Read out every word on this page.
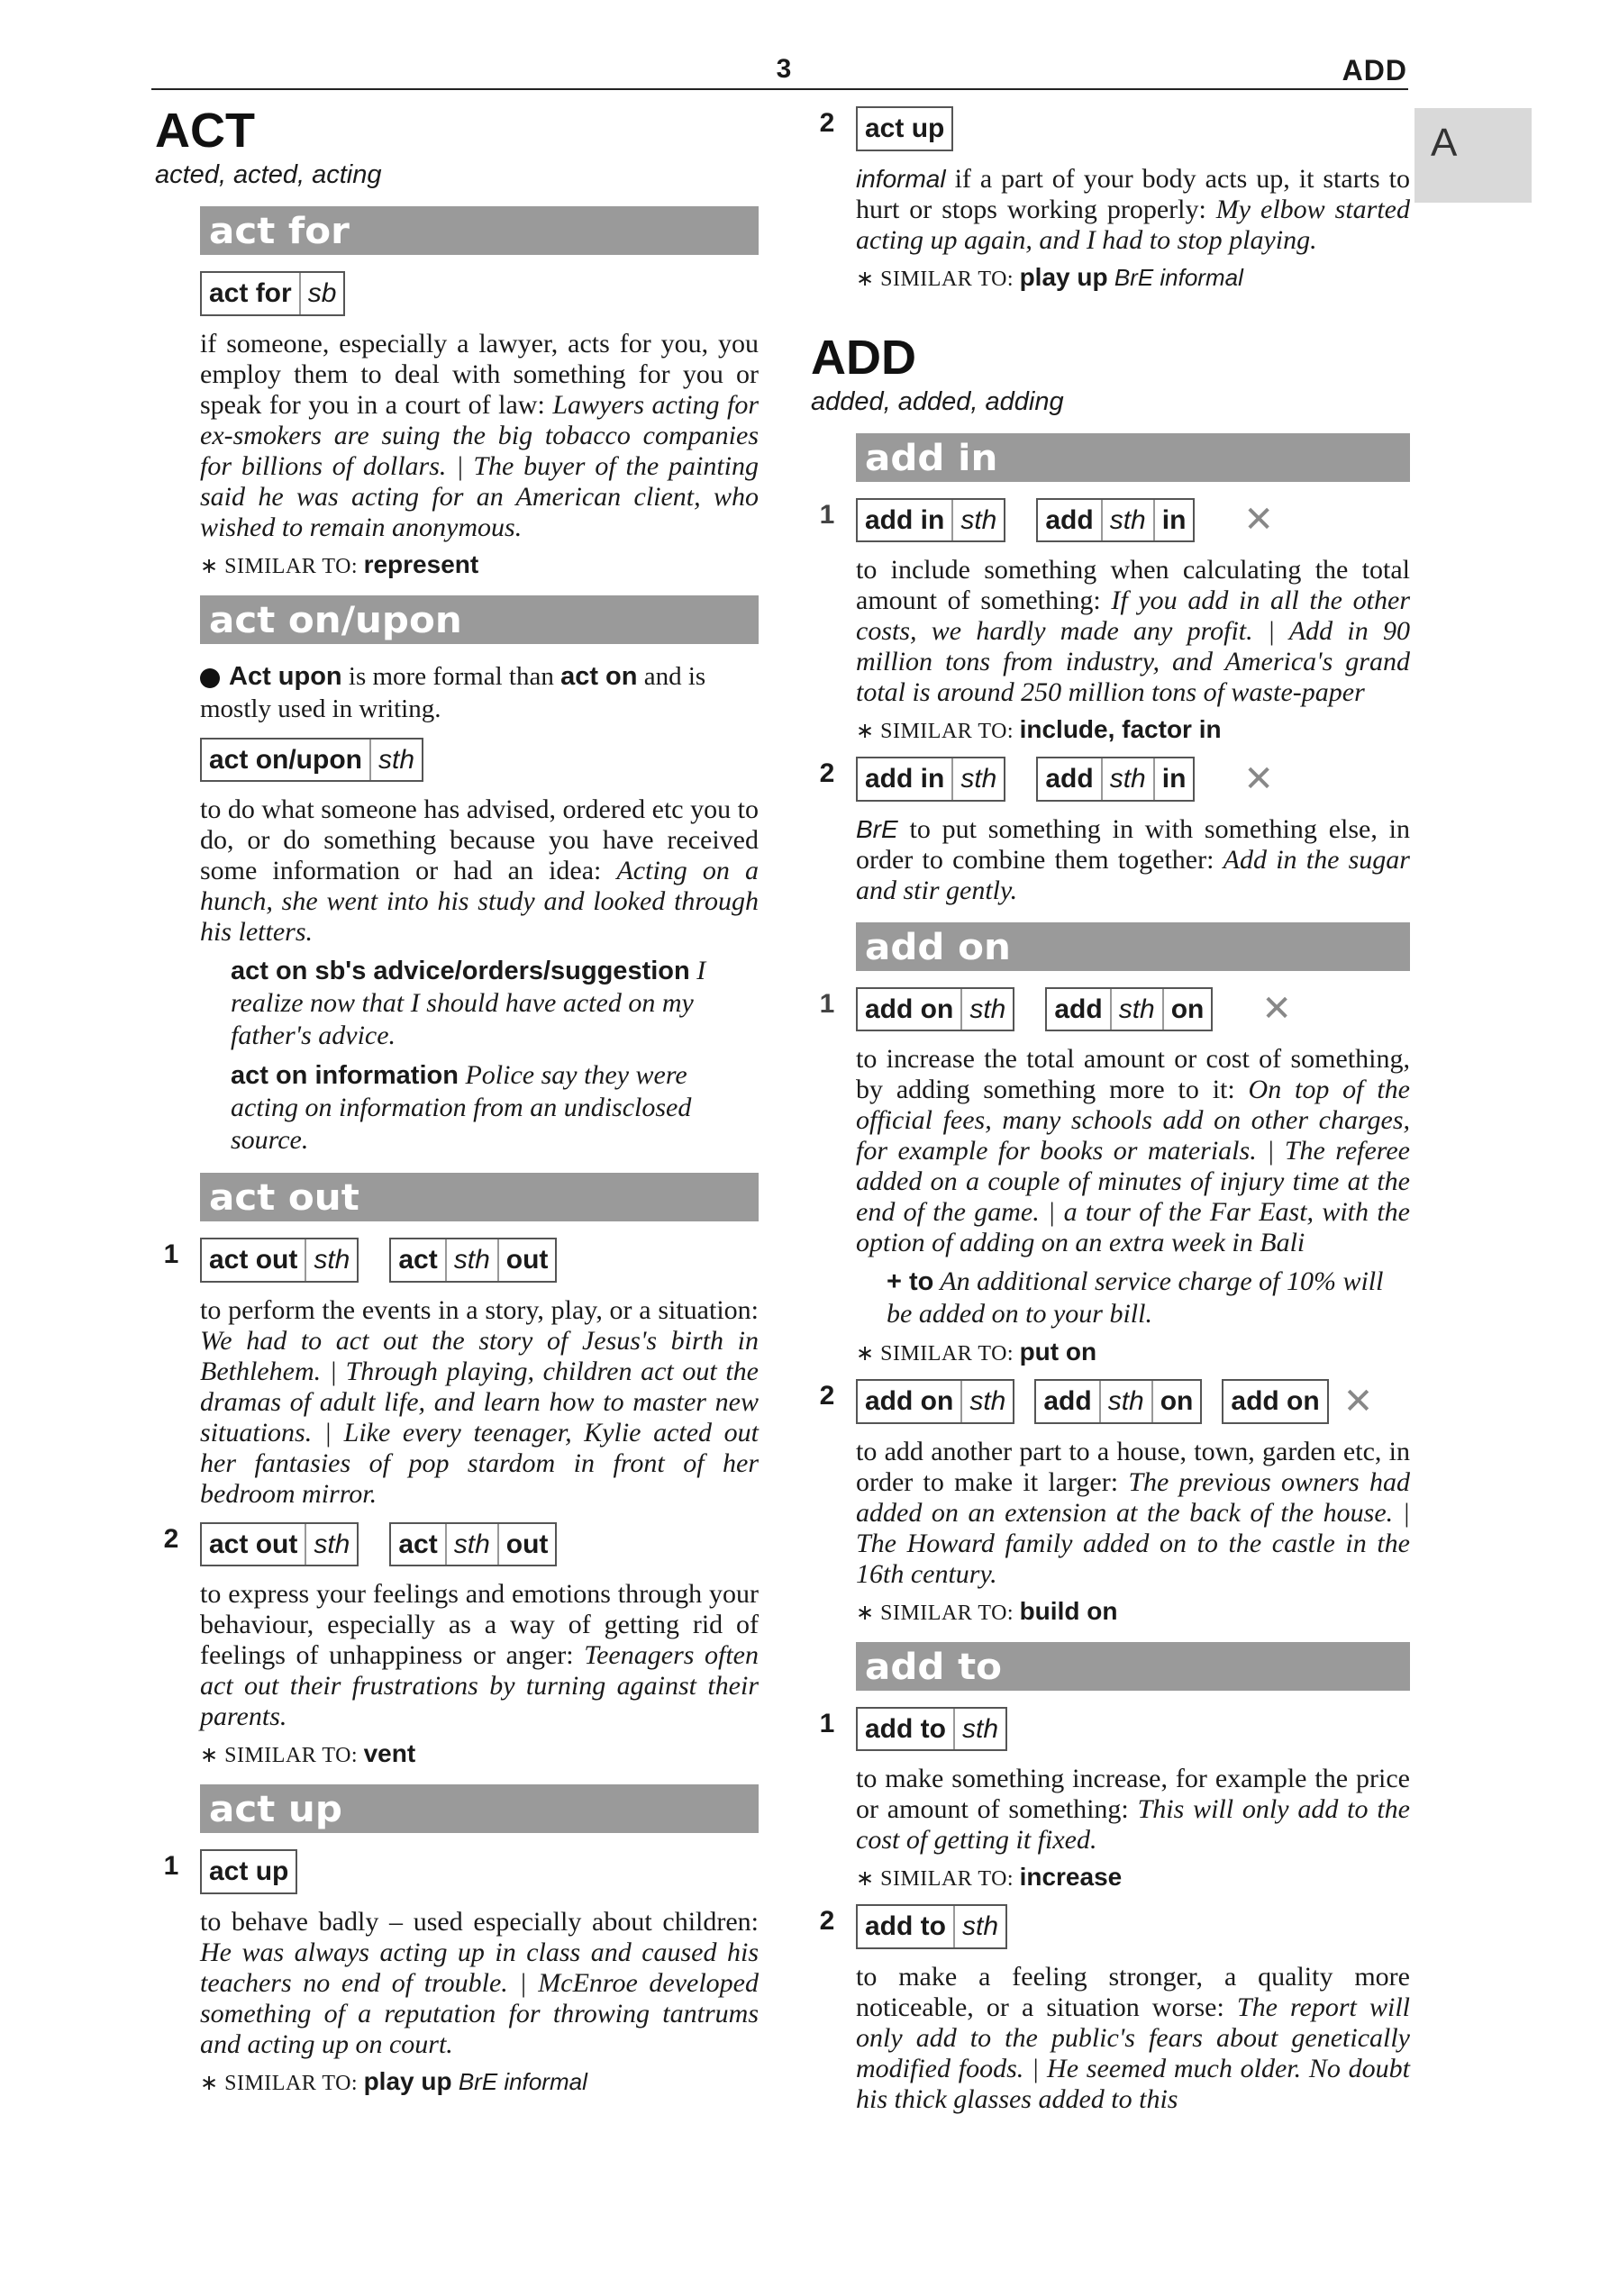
3	ADD
A
ACT
acted, acted, acting
act for
act for sb
if someone, especially a lawyer, acts for you, you employ them to deal with something for you or speak for you in a court of law: Lawyers acting for ex-smokers are suing the big tobacco companies for billions of dollars. | The buyer of the painting said he was acting for an American client, who wished to remain anonymous.
∗ SIMILAR TO: represent
act on/upon
Act upon is more formal than act on and is mostly used in writing.
act on/upon sth
to do what someone has advised, ordered etc you to do, or do something because you have received some information or had an idea: Acting on a hunch, she went into his study and looked through his letters.
act on sb's advice/orders/suggestion I realize now that I should have acted on my father's advice.
act on information Police say they were acting on information from an undisclosed source.
act out
1	act out sth
act sth out
to perform the events in a story, play, or a situation: We had to act out the story of Jesus's birth in Bethlehem. | Through playing, children act out the dramas of adult life, and learn how to master new situations. | Like every teenager, Kylie acted out her fantasies of pop stardom in front of her bedroom mirror.
2	act out sth
act sth out
to express your feelings and emotions through your behaviour, especially as a way of getting rid of feelings of unhappiness or anger: Teenagers often act out their frustrations by turning against their parents.
∗ SIMILAR TO: vent
act up
1	act up
to behave badly – used especially about children: He was always acting up in class and caused his teachers no end of trouble. | McEnroe developed something of a reputation for throwing tantrums and acting up on court.
∗ SIMILAR TO: play up BrE informal
2	act up
informal if a part of your body acts up, it starts to hurt or stops working properly: My elbow started acting up again, and I had to stop playing.
∗ SIMILAR TO: play up BrE informal
ADD
added, added, adding
add in
1	add in sth
add sth in ✕
to include something when calculating the total amount of something: If you add in all the other costs, we hardly made any profit. | Add in 90 million tons from industry, and America's grand total is around 250 million tons of waste-paper
∗ SIMILAR TO: include, factor in
2	add in sth
add sth in ✕
BrE to put something in with something else, in order to combine them together: Add in the sugar and stir gently.
add on
1	add on sth
add sth on ✕
to increase the total amount or cost of something, by adding something more to it: On top of the official fees, many schools add on other charges, for example for books or materials. | The referee added on a couple of minutes of injury time at the end of the game. | a tour of the Far East, with the option of adding on an extra week in Bali
+ to An additional service charge of 10% will be added on to your bill.
∗ SIMILAR TO: put on
2	add on sth
add sth on
add on ✕
to add another part to a house, town, garden etc, in order to make it larger: The previous owners had added on an extension at the back of the house. | The Howard family added on to the castle in the 16th century.
∗ SIMILAR TO: build on
add to
1	add to sth
to make something increase, for example the price or amount of something: This will only add to the cost of getting it fixed.
∗ SIMILAR TO: increase
2	add to sth
to make a feeling stronger, a quality more noticeable, or a situation worse: The report will only add to the public's fears about genetically modified foods. | He seemed much older. No doubt his thick glasses added to this
